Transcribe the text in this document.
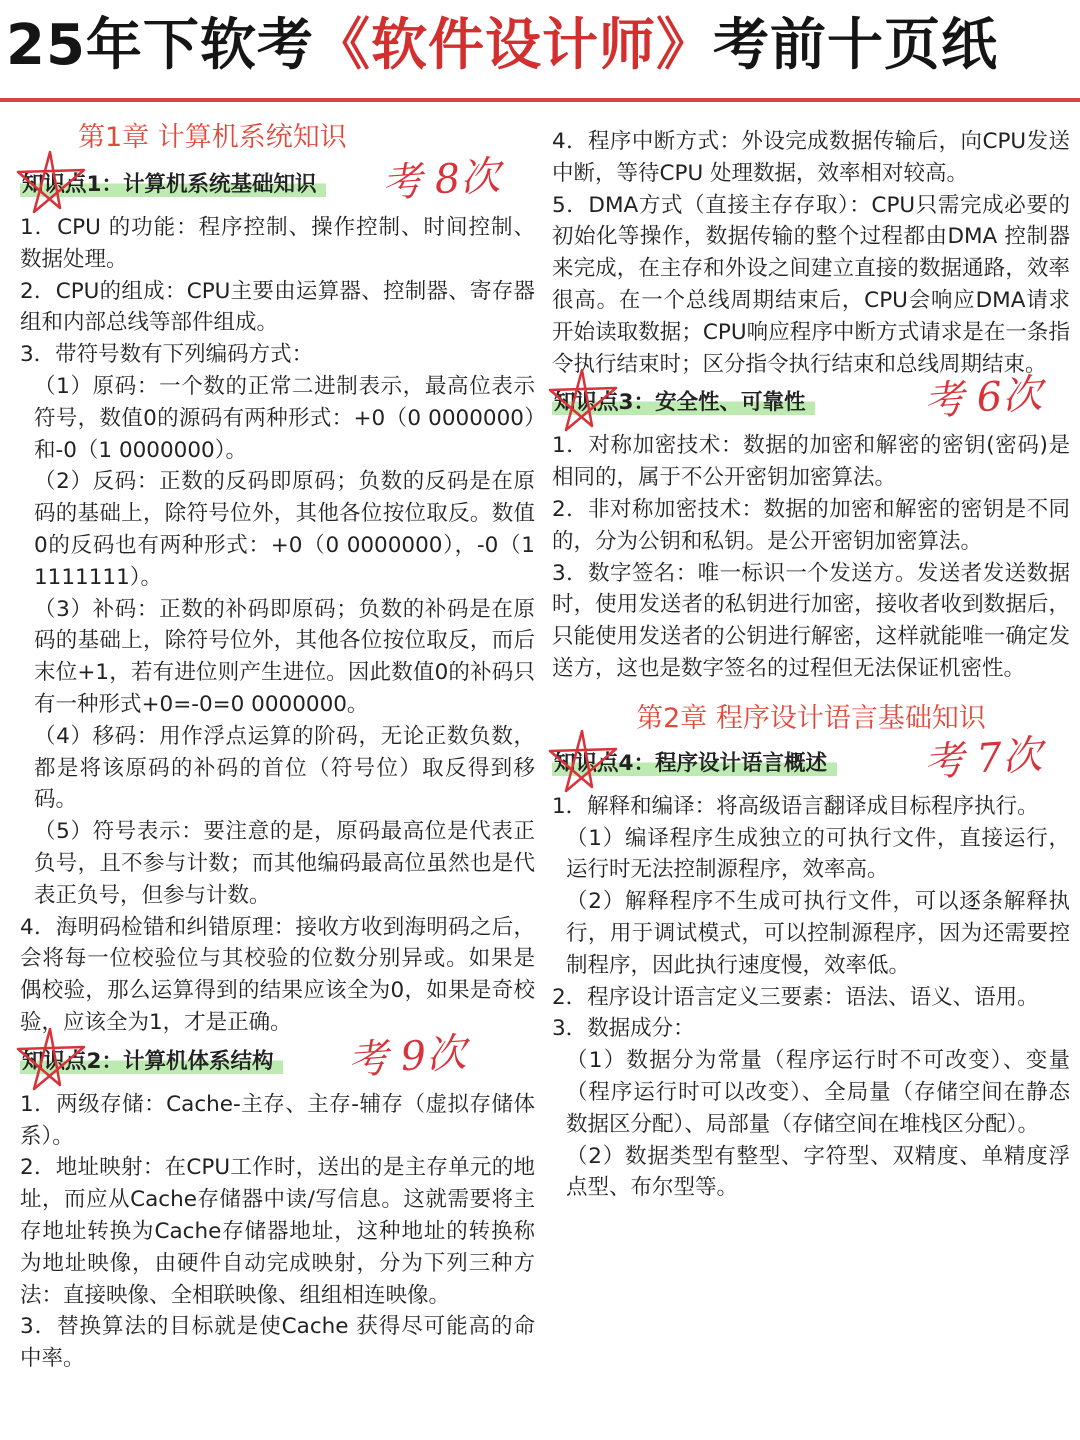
25年下软考《软件设计师》考前十页纸
第1章 计算机系统知识
知识点1：计算机系统基础知识 考 8次

1．CPU 的功能：程序控制、操作控制、时间控制、数据处理。

2．CPU的组成：CPU主要由运算器、控制器、寄存器组和内部总线等部件组成。

3．带符号数有下列编码方式：

（1）原码：一个数的正常二进制表示，最高位表示符号，数值0的源码有两种形式：+0（0 0000000）和-0（1 0000000）。

（2）反码：正数的反码即原码；负数的反码是在原码的基础上，除符号位外，其他各位按位取反。数值0的反码也有两种形式：+0（0 0000000），-0（1 1111111）。

（3）补码：正数的补码即原码；负数的补码是在原码的基础上，除符号位外，其他各位按位取反，而后末位+1，若有进位则产生进位。因此数值0的补码只有一种形式+0=-0=0 0000000。

（4）移码：用作浮点运算的阶码，无论正数负数，都是将该原码的补码的首位（符号位）取反得到移码。

（5）符号表示：要注意的是，原码最高位是代表正负号，且不参与计数；而其他编码最高位虽然也是代表正负号，但参与计数。

4．海明码检错和纠错原理：接收方收到海明码之后，会将每一位校验位与其校验的位数分别异或。如果是偶校验，那么运算得到的结果应该全为0，如果是奇校验，应该全为1，才是正确。

知识点2：计算机体系结构 考 9次

1．两级存储：Cache-主存、主存-辅存（虚拟存储体系）。

2．地址映射：在CPU工作时，送出的是主存单元的地址，而应从Cache存储器中读/写信息。这就需要将主存地址转换为Cache存储器地址，这种地址的转换称为地址映像，由硬件自动完成映射，分为下列三种方法：直接映像、全相联映像、组组相连映像。

3．替换算法的目标就是使Cache 获得尽可能高的命中率。

4．程序中断方式：外设完成数据传输后，向CPU发送中断，等待CPU 处理数据，效率相对较高。

5．DMA方式（直接主存存取）：CPU只需完成必要的初始化等操作，数据传输的整个过程都由DMA 控制器来完成，在主存和外设之间建立直接的数据通路，效率很高。在一个总线周期结束后，CPU会响应DMA请求开始读取数据；CPU响应程序中断方式请求是在一条指令执行结束时；区分指令执行结束和总线周期结束。

知识点3：安全性、可靠性	考 6次

1．对称加密技术：数据的加密和解密的密钥(密码)是相同的，属于不公开密钥加密算法。

2．非对称加密技术：数据的加密和解密的密钥是不同的，分为公钥和私钥。是公开密钥加密算法。

3．数字签名：唯一标识一个发送方。发送者发送数据时，使用发送者的私钥进行加密，接收者收到数据后，只能使用发送者的公钥进行解密，这样就能唯一确定发送方，这也是数字签名的过程但无法保证机密性。

第2章 程序设计语言基础知识
知识点4：程序设计语言概述 考 7次

1．解释和编译：将高级语言翻译成目标程序执行。

（1）编译程序生成独立的可执行文件，直接运行，运行时无法控制源程序，效率高。

（2）解释程序不生成可执行文件，可以逐条解释执行，用于调试模式，可以控制源程序，因为还需要控制程序，因此执行速度慢，效率低。

2．程序设计语言定义三要素：语法、语义、语用。

3．数据成分：

（1）数据分为常量（程序运行时不可改变）、变量（程序运行时可以改变）、全局量（存储空间在静态数据区分配）、局部量（存储空间在堆栈区分配）。

（2）数据类型有整型、字符型、双精度、单精度浮点型、布尔型等。
